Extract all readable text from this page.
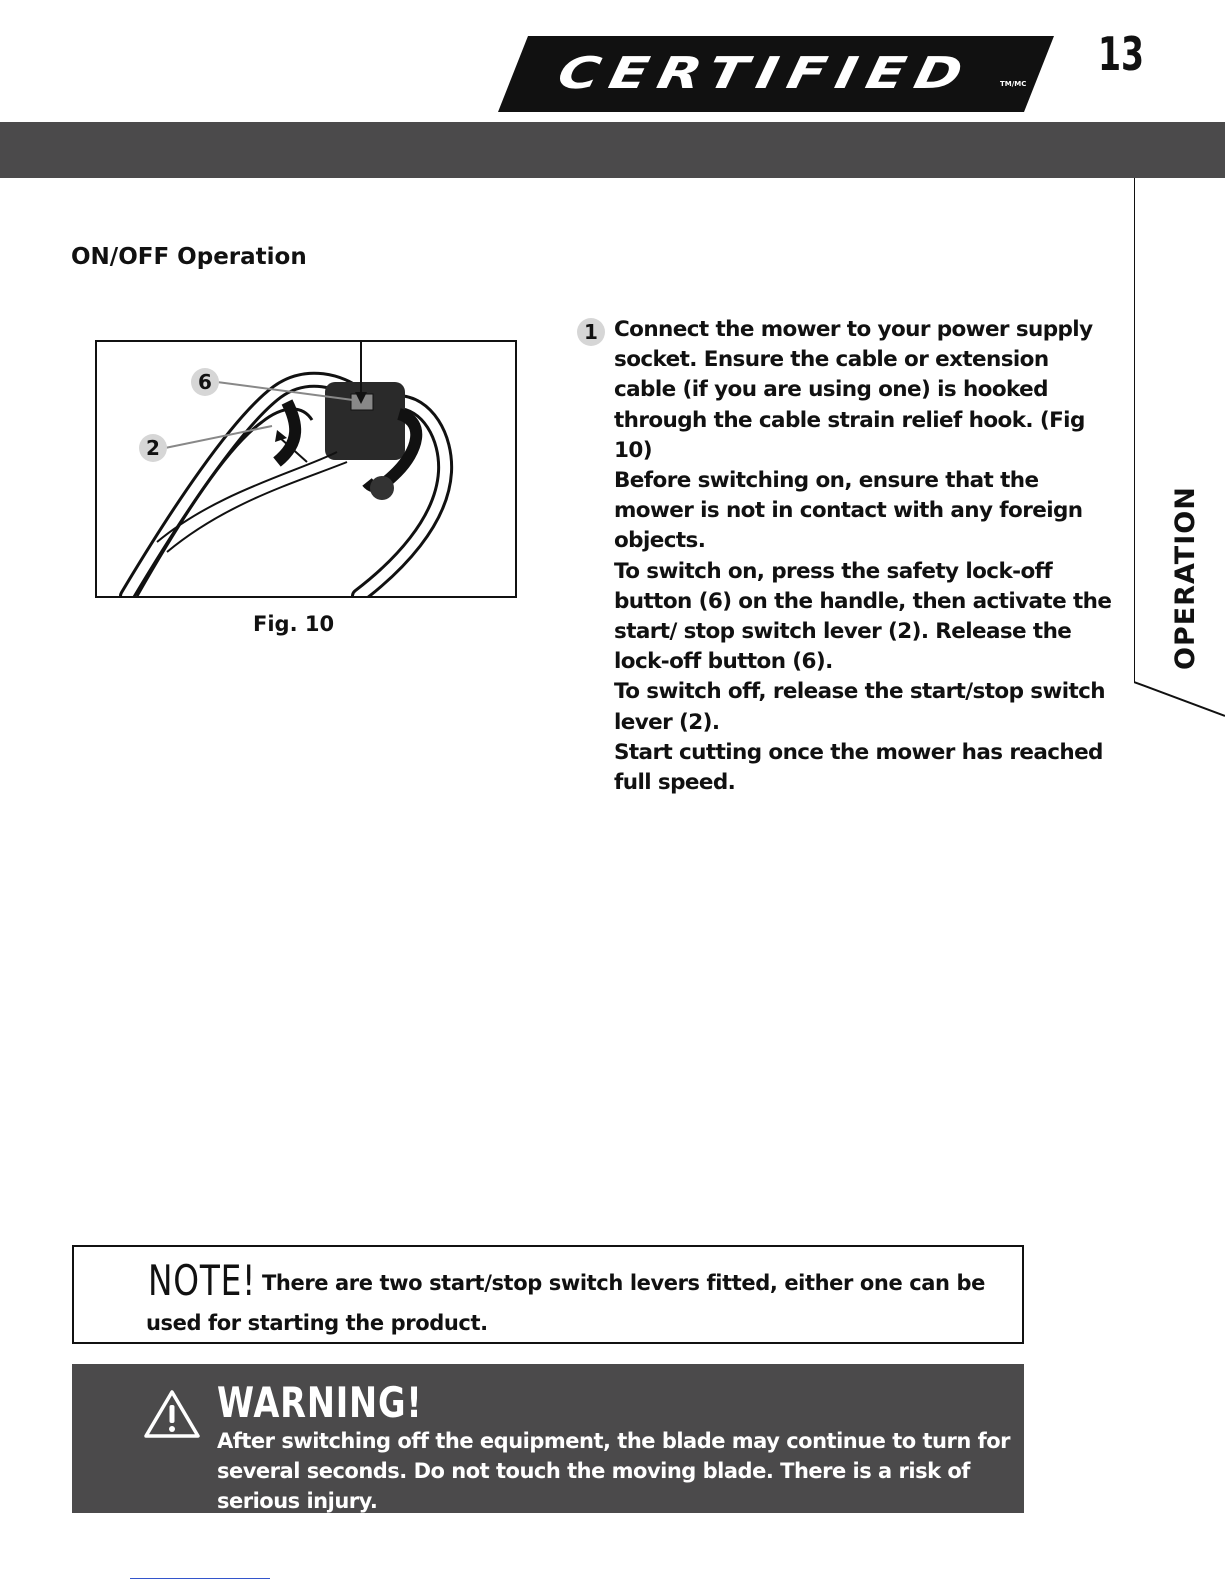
CERTIFIED	TM/MC
13
OPERATION
ON/OFF Operation
6
2
Fig. 10
1 Connect the mower to your power supply socket. Ensure the cable or extension cable (if you are using one) is hooked through the cable strain relief hook. (Fig 10)

Before switching on, ensure that the mower is not in contact with any foreign objects.

To switch on, press the safety lock-off button (6) on the handle, then activate the start/ stop switch lever (2). Release the lock-off button (6).

To switch off, release the start/stop switch lever (2).

Start cutting once the mower has reached full speed.

NOTE! There are two start/stop switch levers fitted, either one can be used for starting the product.

WARNING!

After switching off the equipment, the blade may continue to turn for several seconds. Do not touch the moving blade. There is a risk of serious injury.
